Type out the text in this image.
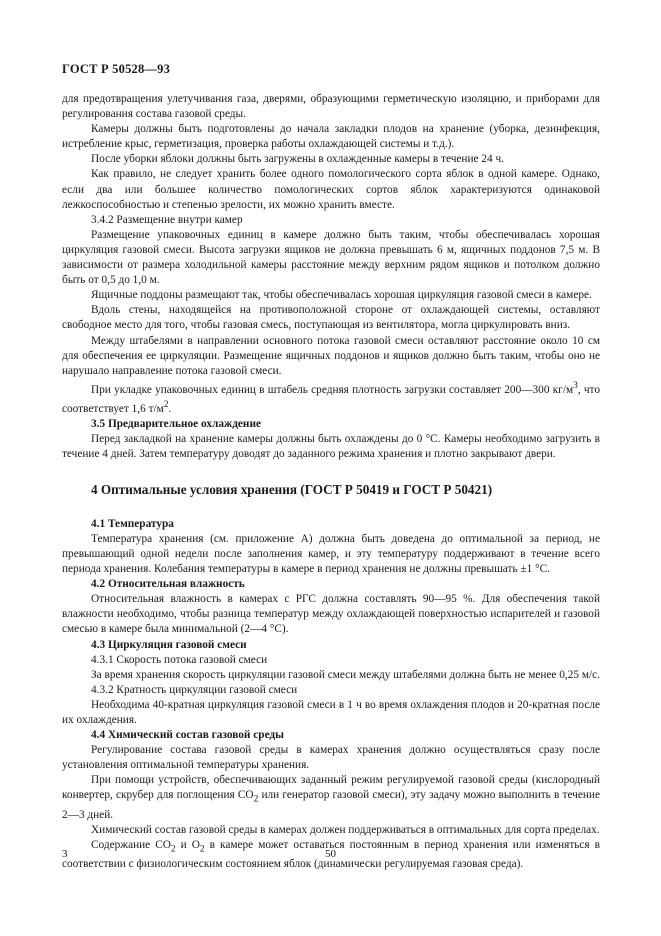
ГОСТ Р 50528—93

для предотвращения улетучивания газа, дверями, образующими герметическую изоляцию, и приборами для регулирования состава газовой среды.

Камеры должны быть подготовлены до начала закладки плодов на хранение (уборка, дезинфекция, истребление крыс, герметизация, проверка работы охлаждающей системы и т.д.).

После уборки яблоки должны быть загружены в охлажденные камеры в течение 24 ч.

Как правило, не следует хранить более одного помологического сорта яблок в одной камере. Однако, если два или большее количество помологических сортов яблок характеризуются одинаковой лежкоспособностью и степенью зрелости, их можно хранить вместе.

3.4.2 Размещение внутри камер

Размещение упаковочных единиц в камере должно быть таким, чтобы обеспечивалась хорошая циркуляция газовой смеси. Высота загрузки ящиков не должна превышать 6 м, ящичных поддонов 7,5 м. В зависимости от размера холодильной камеры расстояние между верхним рядом ящиков и потолком должно быть от 0,5 до 1,0 м.

Ящичные поддоны размещают так, чтобы обеспечивалась хорошая циркуляция газовой смеси в камере.

Вдоль стены, находящейся на противоположной стороне от охлаждающей системы, оставляют свободное место для того, чтобы газовая смесь, поступающая из вентилятора, могла циркулировать вниз.

Между штабелями в направлении основного потока газовой смеси оставляют расстояние около 10 см для обеспечения ее циркуляции. Размещение ящичных поддонов и ящиков должно быть таким, чтобы оно не нарушало направление потока газовой смеси.

При укладке упаковочных единиц в штабель средняя плотность загрузки составляет 200—300 $кг/м^3$, что соответствует 1,6 $т/м^2$.

3.5 Предварительное охлаждение

Перед закладкой на хранение камеры должны быть охлаждены до 0 °С. Камеры необходимо загрузить в течение 4 дней. Затем температуру доводят до заданного режима хранения и плотно закрывают двери.

4 Оптимальные условия хранения (ГОСТ Р 50419 и ГОСТ Р 50421)

4.1 Температура

Температура хранения (см. приложение А) должна быть доведена до оптимальной за период, не превышающий одной недели после заполнения камер, и эту температуру поддерживают в течение всего периода хранения. Колебания температуры в камере в период хранения не должны превышать ±1 °С.

4.2 Относительная влажность

Относительная влажность в камерах с РГС должна составлять 90—95 %. Для обеспечения такой влажности необходимо, чтобы разница температур между охлаждающей поверхностью испарителей и газовой смесью в камере была минимальной (2—4 °С).

4.3 Циркуляция газовой смеси

4.3.1 Скорость потока газовой смеси

За время хранения скорость циркуляции газовой смеси между штабелями должна быть не менее 0,25 м/с.

4.3.2 Кратность циркуляции газовой смеси

Необходима 40-кратная циркуляция газовой смеси в 1 ч во время охлаждения плодов и 20-кратная после их охлаждения.

4.4 Химический состав газовой среды

Регулирование состава газовой среды в камерах хранения должно осуществляться сразу после установления оптимальной температуры хранения.

При помощи устройств, обеспечивающих заданный режим регулируемой газовой среды (кислородный конвертер, скрубер для поглощения $CO_2$ или генератор газовой смеси), эту задачу можно выполнить в течение 2—3 дней.

Химический состав газовой среды в камерах должен поддерживаться в оптимальных для сорта пределах.

Содержание $CO_2$ и $O_2$ в камере может оставаться постоянным в период хранения или изменяться в соответствии с физиологическим состоянием яблок (динамически регулируемая газовая среда).

3	50
